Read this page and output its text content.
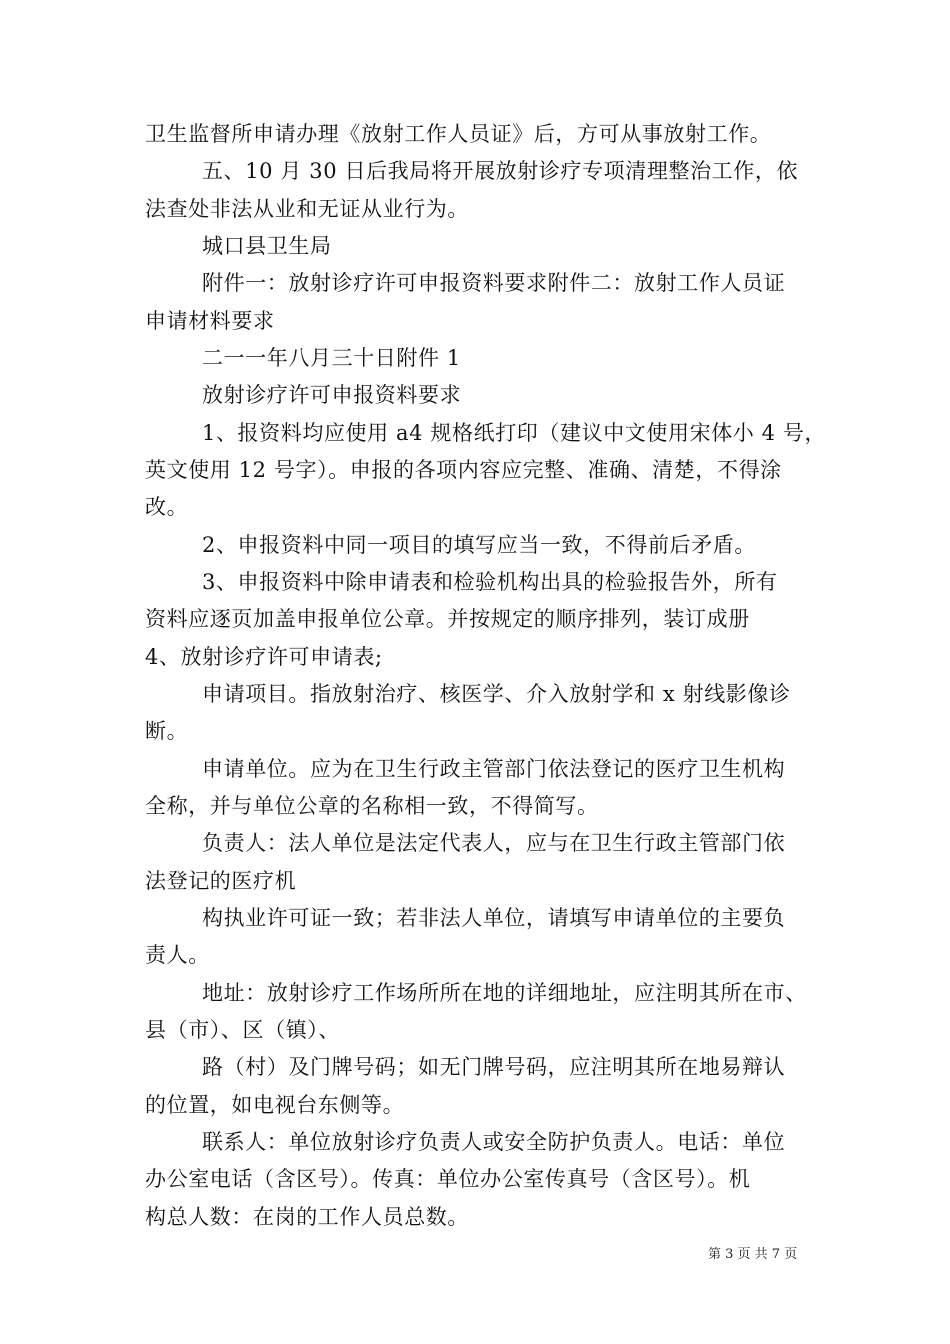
卫生监督所申请办理《放射工作人员证》后，方可从事放射工作。
五、10 月 30 日后我局将开展放射诊疗专项清理整治工作，依
法查处非法从业和无证从业行为。
城口县卫生局
附件一：放射诊疗许可申报资料要求附件二：放射工作人员证
申请材料要求
二一一年八月三十日附件 1
放射诊疗许可申报资料要求
1、报资料均应使用 a4 规格纸打印（建议中文使用宋体小 4 号，
英文使用 12 号字）。申报的各项内容应完整、准确、清楚，不得涂
改。
2、申报资料中同一项目的填写应当一致，不得前后矛盾。
3、申报资料中除申请表和检验机构出具的检验报告外，所有
资料应逐页加盖申报单位公章。并按规定的顺序排列，装订成册
4、放射诊疗许可申请表;
申请项目。指放射治疗、核医学、介入放射学和 x 射线影像诊
断。
申请单位。应为在卫生行政主管部门依法登记的医疗卫生机构
全称，并与单位公章的名称相一致，不得简写。
负责人：法人单位是法定代表人，应与在卫生行政主管部门依
法登记的医疗机
构执业许可证一致；若非法人单位，请填写申请单位的主要负
责人。
地址：放射诊疗工作场所所在地的详细地址，应注明其所在市、
县（市）、区（镇）、
路（村）及门牌号码；如无门牌号码，应注明其所在地易辩认
的位置，如电视台东侧等。
联系人：单位放射诊疗负责人或安全防护负责人。电话：单位
办公室电话（含区号）。传真：单位办公室传真号（含区号）。机
构总人数：在岗的工作人员总数。
第 3 页 共 7 页
